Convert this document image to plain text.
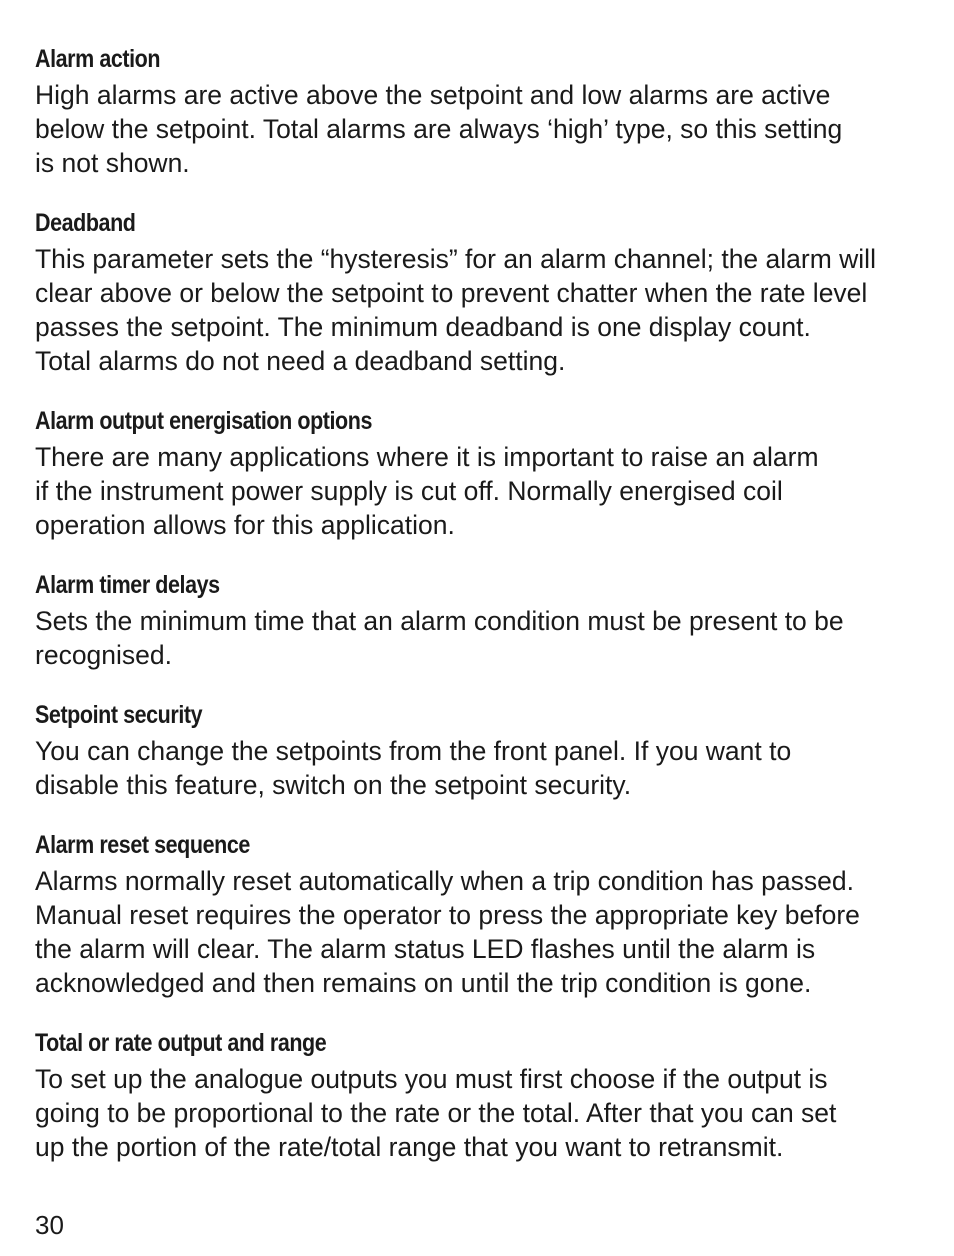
Alarm action

High alarms are active above the setpoint and low alarms are active

below the setpoint. Total alarms are always ‘high’ type, so this setting

is not shown.

Deadband

This parameter sets the “hysteresis” for an alarm channel; the alarm will

clear above or below the setpoint to prevent chatter when the rate level

passes the setpoint. The minimum deadband is one display count.

Total alarms do not need a deadband setting.

Alarm output energisation options

There are many applications where it is important to raise an alarm

if the instrument power supply is cut off. Normally energised coil

operation allows for this application.

Alarm timer delays

Sets the minimum time that an alarm condition must be present to be

recognised.

Setpoint security

You can change the setpoints from the front panel. If you want to

disable this feature, switch on the setpoint security.

Alarm reset sequence

Alarms normally reset automatically when a trip condition has passed.

Manual reset requires the operator to press the appropriate key before

the alarm will clear. The alarm status LED flashes until the alarm is

acknowledged and then remains on until the trip condition is gone.

Total or rate output and range

To set up the analogue outputs you must first choose if the output is

going to be proportional to the rate or the total. After that you can set

up the portion of the rate/total range that you want to retransmit.

30
